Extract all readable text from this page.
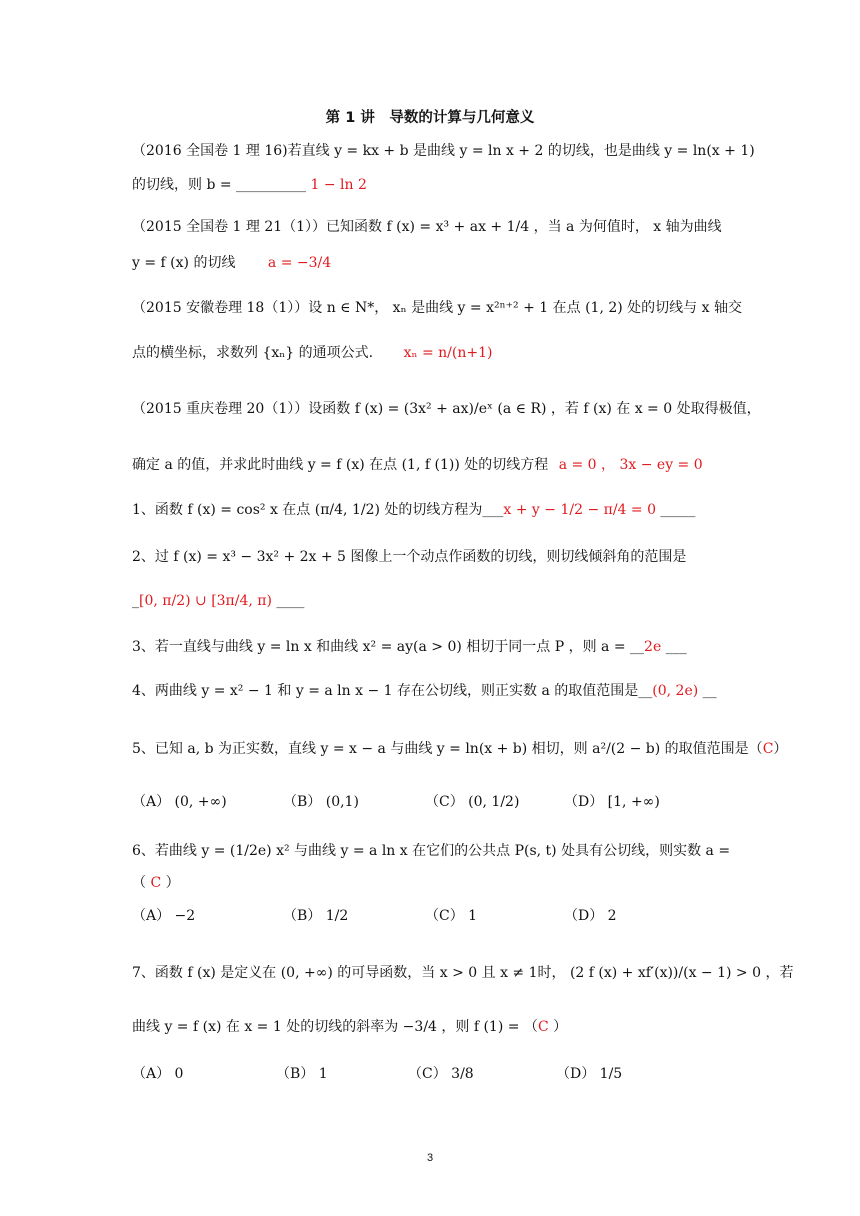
第 1 讲　导数的计算与几何意义
（2016 全国卷 1 理 16)若直线 y = kx + b 是曲线 y = ln x + 2 的切线，也是曲线 y = ln(x + 1)
的切线，则 b = __________ 1 − ln 2
（2015 全国卷 1 理 21（1））已知函数 f (x) = x³ + ax + 1/4 ，当 a 为何值时， x 轴为曲线
y = f (x) 的切线 a = −3/4
（2015 安徽卷理 18（1））设 n ∈ N*， xₙ 是曲线 y = x²ⁿ⁺² + 1 在点 (1, 2) 处的切线与 x 轴交
点的横坐标，求数列 {xₙ} 的通项公式. xₙ = n/(n+1)
（2015 重庆卷理 20（1））设函数 f (x) = (3x² + ax)/eˣ (a ∈ R) ，若 f (x) 在 x = 0 处取得极值，
确定 a 的值，并求此时曲线 y = f (x) 在点 (1, f (1)) 处的切线方程 a = 0 ， 3x − ey = 0
1、函数 f (x) = cos² x 在点 (π/4, 1/2) 处的切线方程为___x + y − 1/2 − π/4 = 0 _____
2、过 f (x) = x³ − 3x² + 2x + 5 图像上一个动点作函数的切线，则切线倾斜角的范围是
_[0, π/2) ∪ [3π/4, π) ____
3、若一直线与曲线 y = ln x 和曲线 x² = ay(a > 0) 相切于同一点 P ，则 a = __2e ___
4、两曲线 y = x² − 1 和 y = a ln x − 1 存在公切线，则正实数 a 的取值范围是__(0, 2e) __
5、已知 a, b 为正实数，直线 y = x − a 与曲线 y = ln(x + b) 相切，则 a²/(2 − b) 的取值范围是（C）
（A） (0, +∞)	（B） (0,1)	（C） (0, 1/2)	（D） [1, +∞)
6、若曲线 y = (1/2e) x² 与曲线 y = a ln x 在它们的公共点 P(s, t) 处具有公切线，则实数 a =
（ C ）
（A） −2	（B） 1/2	（C） 1	（D） 2
7、函数 f (x) 是定义在 (0, +∞) 的可导函数，当 x > 0 且 x ≠ 1时， (2 f (x) + xf′(x))/(x − 1) > 0 ，若
曲线 y = f (x) 在 x = 1 处的切线的斜率为 −3/4 ，则 f (1) = （C ）
（A） 0	（B） 1	（C） 3/8	（D） 1/5
3
